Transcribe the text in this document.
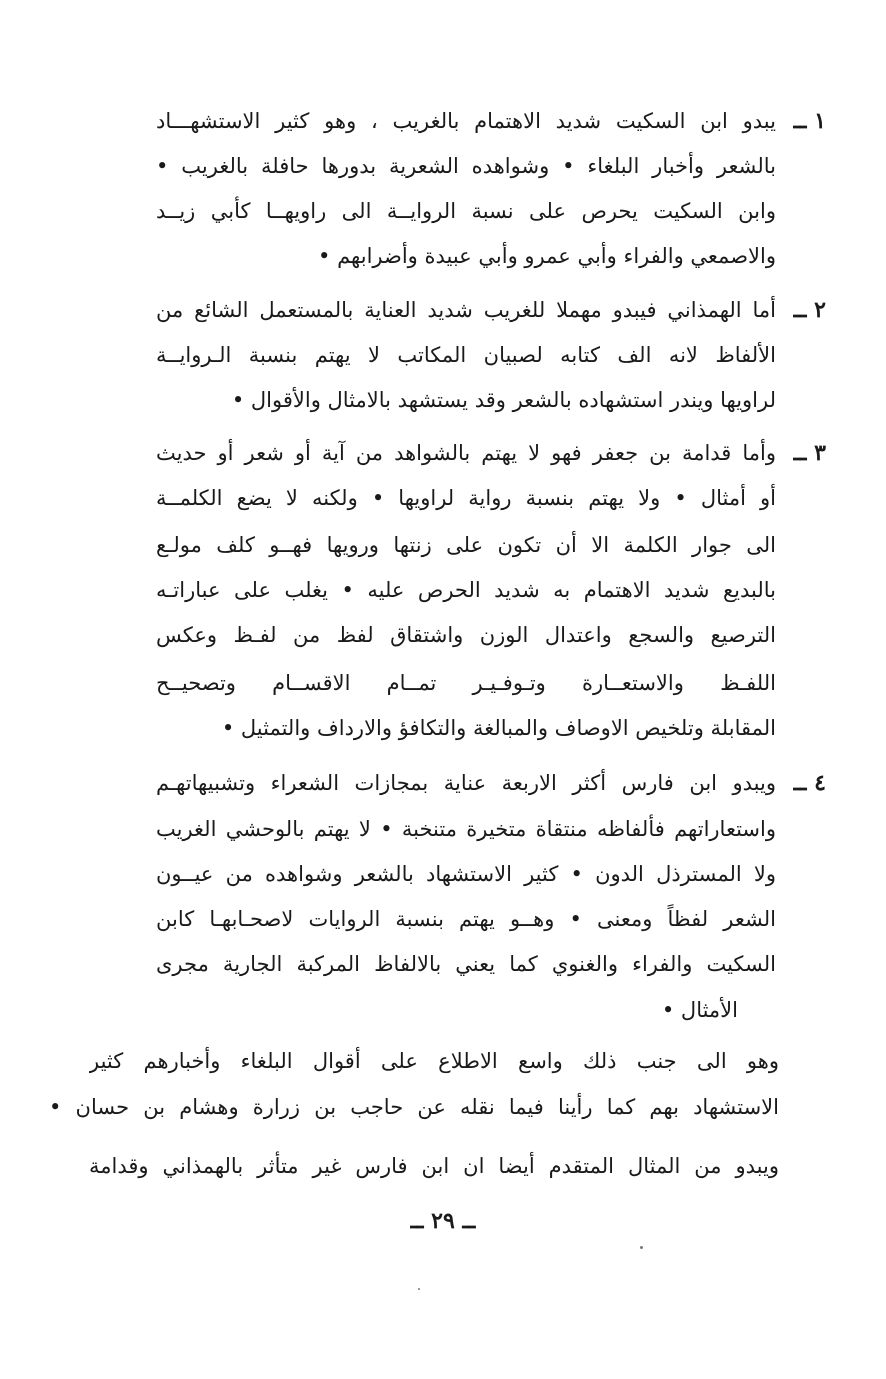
١ ــ
يبدو ابن السكيت شديد الاهتمام بالغريب ، وهو كثير الاستشهـــاد
بالشعر وأخبار البلغاء • وشواهده الشعرية بدورها حافلة بالغريب •
وابن السكيت يحرص على نسبة الروايــة الى راويهــا كأبي زيــد
والاصمعي والفراء وأبي عمرو وأبي عبيدة وأضرابهم •
٢ ــ
أما الهمذاني فيبدو مهملا للغريب شديد العناية بالمستعمل الشائع من
الألفاظ لانه الف كتابه لصبيان المكاتب لا يهتم بنسبة الـروايــة
لراويها ويندر استشهاده بالشعر وقد يستشهد بالامثال والأقوال •
٣ ــ
وأما قدامة بن جعفر فهو لا يهتم بالشواهد من آية أو شعر أو حديث
أو أمثال • ولا يهتم بنسبة رواية لراويها • ولكنه لا يضع الكلمــة
الى جوار الكلمة الا أن تكون على زنتها ورويها فهــو كلف مولـع
بالبديع شديد الاهتمام به شديد الحرص عليه • يغلب على عباراتـه
الترصيع والسجع واعتدال الوزن واشتقاق لفظ من لفـظ وعكس
اللفـظ والاستعــارة وتـوفـيـر تمــام الاقســام وتصحيــح
المقابلة وتلخيص الاوصاف والمبالغة والتكافؤ والارداف والتمثيل •
٤ ــ
ويبدو ابن فارس أكثر الاربعة عناية بمجازات الشعراء وتشبيهاتهـم
واستعاراتهم فألفاظه منتقاة متخيرة متنخبة • لا يهتم بالوحشي الغريب
ولا المسترذل الدون • كثير الاستشهاد بالشعر وشواهده من عيــون
الشعر لفظاً ومعنى • وهــو يهتم بنسبة الروايات لاصحـابهـا كابن
السكيت والفراء والغنوي كما يعني بالالفاظ المركبة الجارية مجرى
الأمثال •
وهو الى جنب ذلك واسع الاطلاع على أقوال البلغاء وأخبارهم كثير
الاستشهاد بهم كما رأينا فيما نقله عن حاجب بن زرارة وهشام بن حسان •
ويبدو من المثال المتقدم أيضا ان ابن فارس غير متأثر بالهمذاني وقدامة
ــ ٢٩ ــ
